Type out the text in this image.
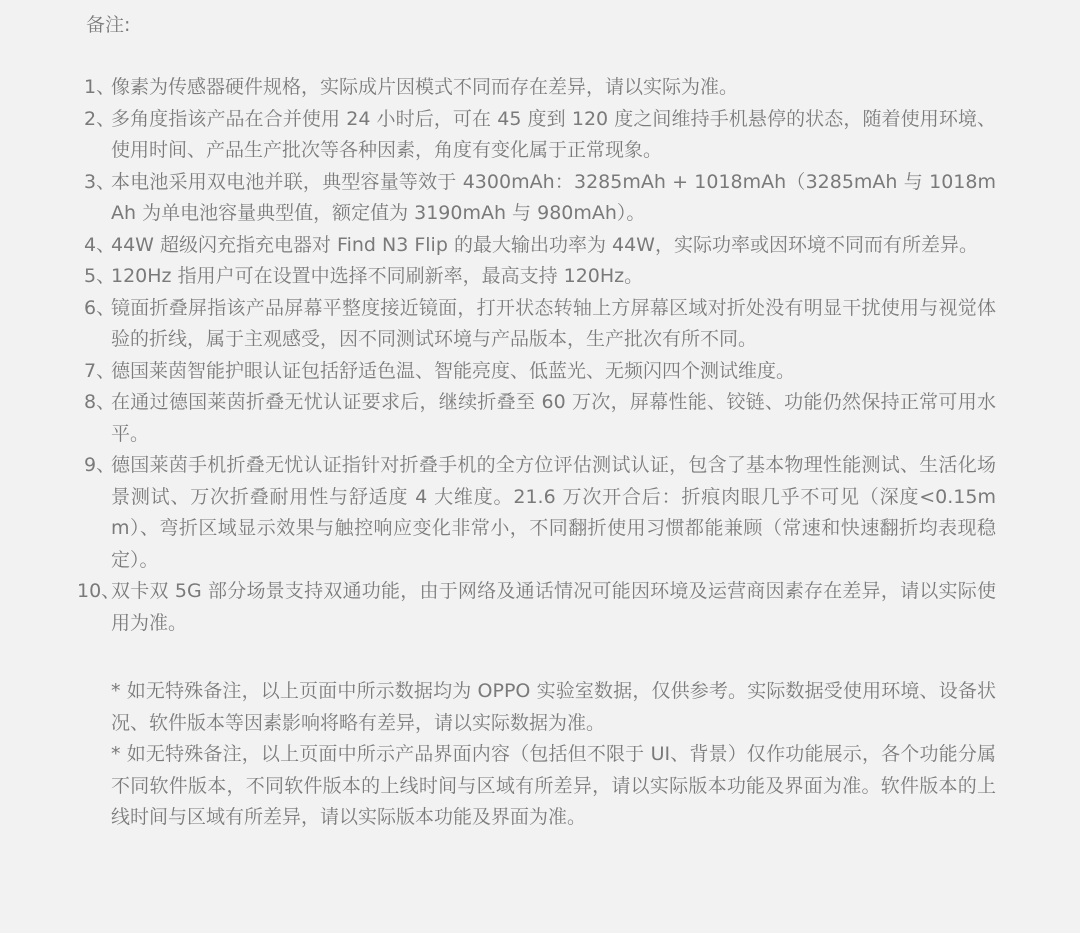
备注:
1、
像素为传感器硬件规格，实际成片因模式不同而存在差异，请以实际为准。
2、
多角度指该产品在合并使用 24 小时后，可在 45 度到 120 度之间维持手机悬停的状态，随着使用环境、使用时间、产品生产批次等各种因素，角度有变化属于正常现象。
3、
本电池采用双电池并联，典型容量等效于 4300mAh：3285mAh + 1018mAh（3285mAh 与 1018mAh 为单电池容量典型值，额定值为 3190mAh 与 980mAh）。
4、
44W 超级闪充指充电器对 Find N3 Flip 的最大输出功率为 44W，实际功率或因环境不同而有所差异。
5、
120Hz 指用户可在设置中选择不同刷新率，最高支持 120Hz。
6、
镜面折叠屏指该产品屏幕平整度接近镜面，打开状态转轴上方屏幕区域对折处没有明显干扰使用与视觉体验的折线，属于主观感受，因不同测试环境与产品版本，生产批次有所不同。
7、
德国莱茵智能护眼认证包括舒适色温、智能亮度、低蓝光、无频闪四个测试维度。
8、
在通过德国莱茵折叠无忧认证要求后，继续折叠至 60 万次，屏幕性能、铰链、功能仍然保持正常可用水平。
9、
德国莱茵手机折叠无忧认证指针对折叠手机的全方位评估测试认证，包含了基本物理性能测试、生活化场景测试、万次折叠耐用性与舒适度 4 大维度。21.6 万次开合后：折痕肉眼几乎不可见（深度<0.15mm）、弯折区域显示效果与触控响应变化非常小，不同翻折使用习惯都能兼顾（常速和快速翻折均表现稳定）。
10、
双卡双 5G 部分场景支持双通功能，由于网络及通话情况可能因环境及运营商因素存在差异，请以实际使用为准。

* 如无特殊备注，以上页面中所示数据均为 OPPO 实验室数据，仅供参考。实际数据受使用环境、设备状况、软件版本等因素影响将略有差异，请以实际数据为准。

* 如无特殊备注，以上页面中所示产品界面内容（包括但不限于 UI、背景）仅作功能展示，各个功能分属不同软件版本，不同软件版本的上线时间与区域有所差异，请以实际版本功能及界面为准。软件版本的上线时间与区域有所差异，请以实际版本功能及界面为准。
